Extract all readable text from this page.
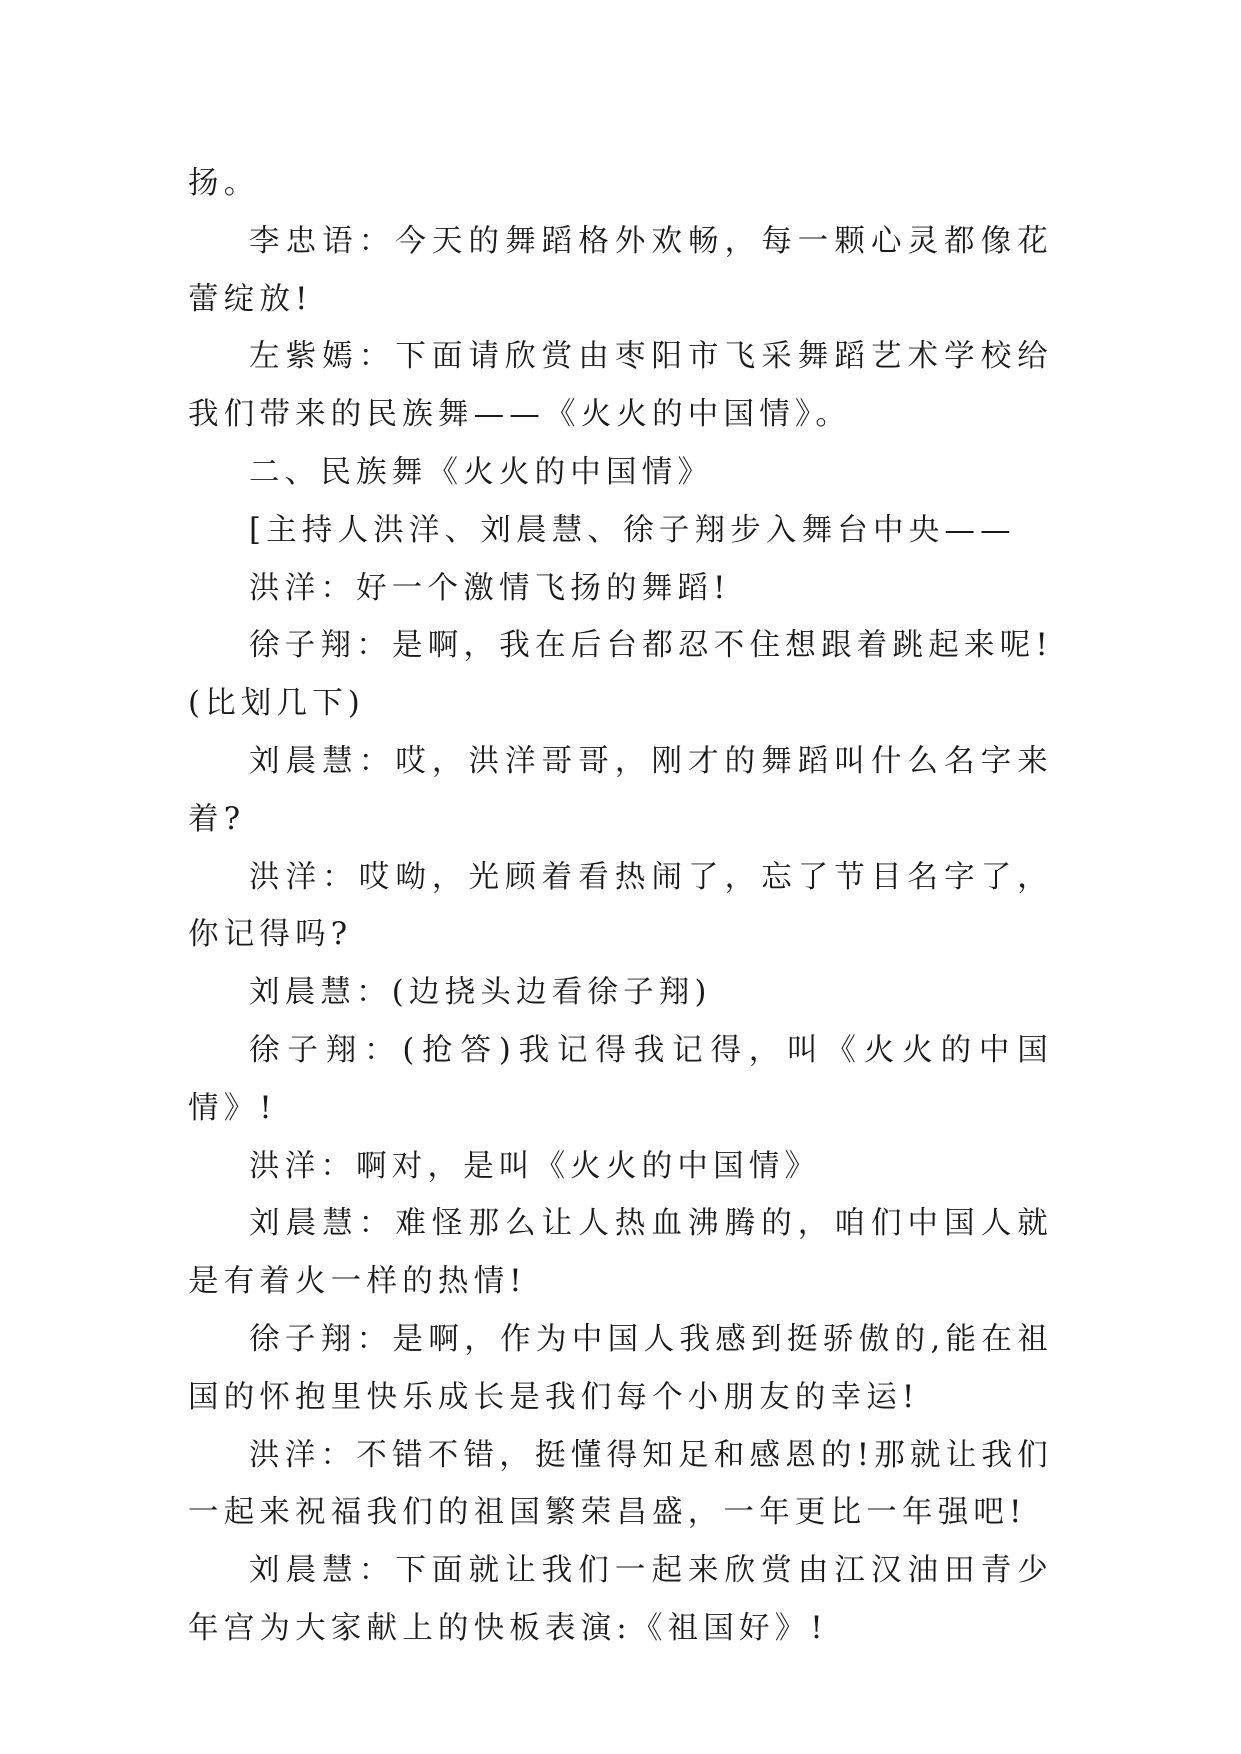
扬。

李忠语：今天的舞蹈格外欢畅，每一颗心灵都像花蕾绽放!

左紫嫣：下面请欣赏由枣阳市飞采舞蹈艺术学校给我们带来的民族舞——《火火的中国情》。

二、民族舞《火火的中国情》

[主持人洪洋、刘晨慧、徐子翔步入舞台中央——

洪洋：好一个激情飞扬的舞蹈!

徐子翔：是啊，我在后台都忍不住想跟着跳起来呢!(比划几下)

刘晨慧：哎，洪洋哥哥，刚才的舞蹈叫什么名字来着?

洪洋：哎呦，光顾着看热闹了，忘了节目名字了，你记得吗?

刘晨慧：(边挠头边看徐子翔)

徐子翔：(抢答)我记得我记得，叫《火火的中国情》!

洪洋：啊对，是叫《火火的中国情》

刘晨慧：难怪那么让人热血沸腾的，咱们中国人就是有着火一样的热情!

徐子翔：是啊，作为中国人我感到挺骄傲的,能在祖国的怀抱里快乐成长是我们每个小朋友的幸运!

洪洋：不错不错，挺懂得知足和感恩的!那就让我们一起来祝福我们的祖国繁荣昌盛，一年更比一年强吧!

刘晨慧：下面就让我们一起来欣赏由江汉油田青少年宫为大家献上的快板表演:《祖国好》!
